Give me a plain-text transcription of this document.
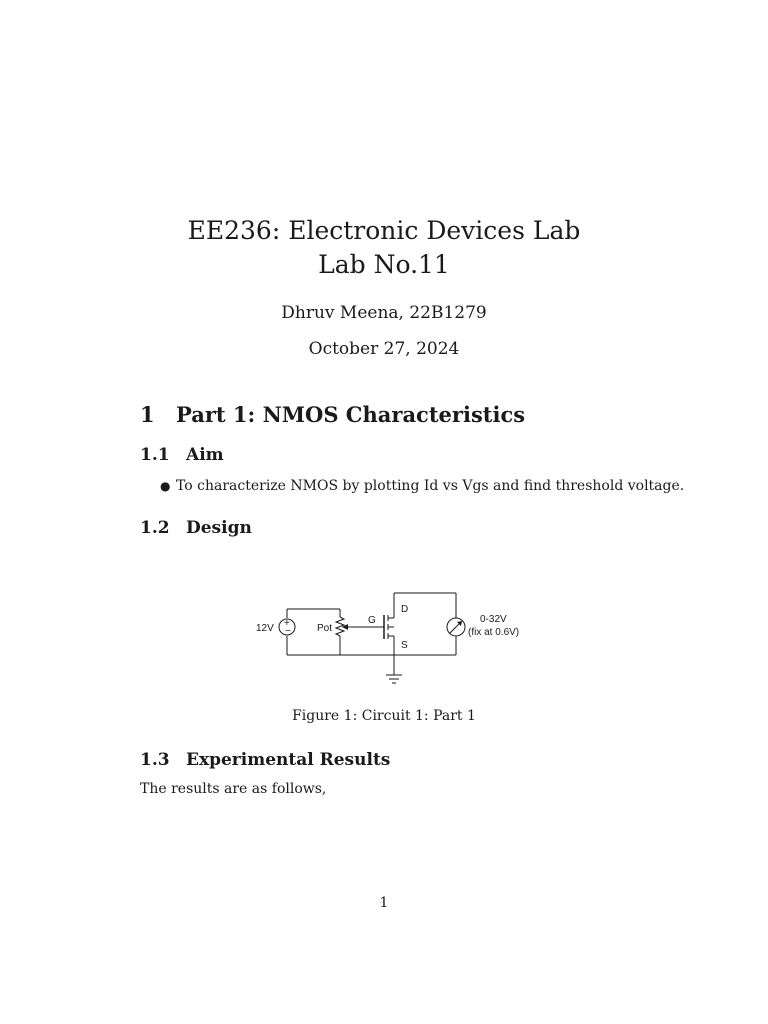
EE236: Electronic Devices Lab
Lab No.11
Dhruv Meena, 22B1279
October 27, 2024
1 Part 1: NMOS Characteristics
1.1 Aim
● To characterize NMOS by plotting Id vs Vgs and find threshold voltage.
1.2 Design
+
−
12V	Pot
G
D
S
0-32V
(fix at 0.6V)
Figure 1: Circuit 1: Part 1
1.3 Experimental Results
The results are as follows,
1
